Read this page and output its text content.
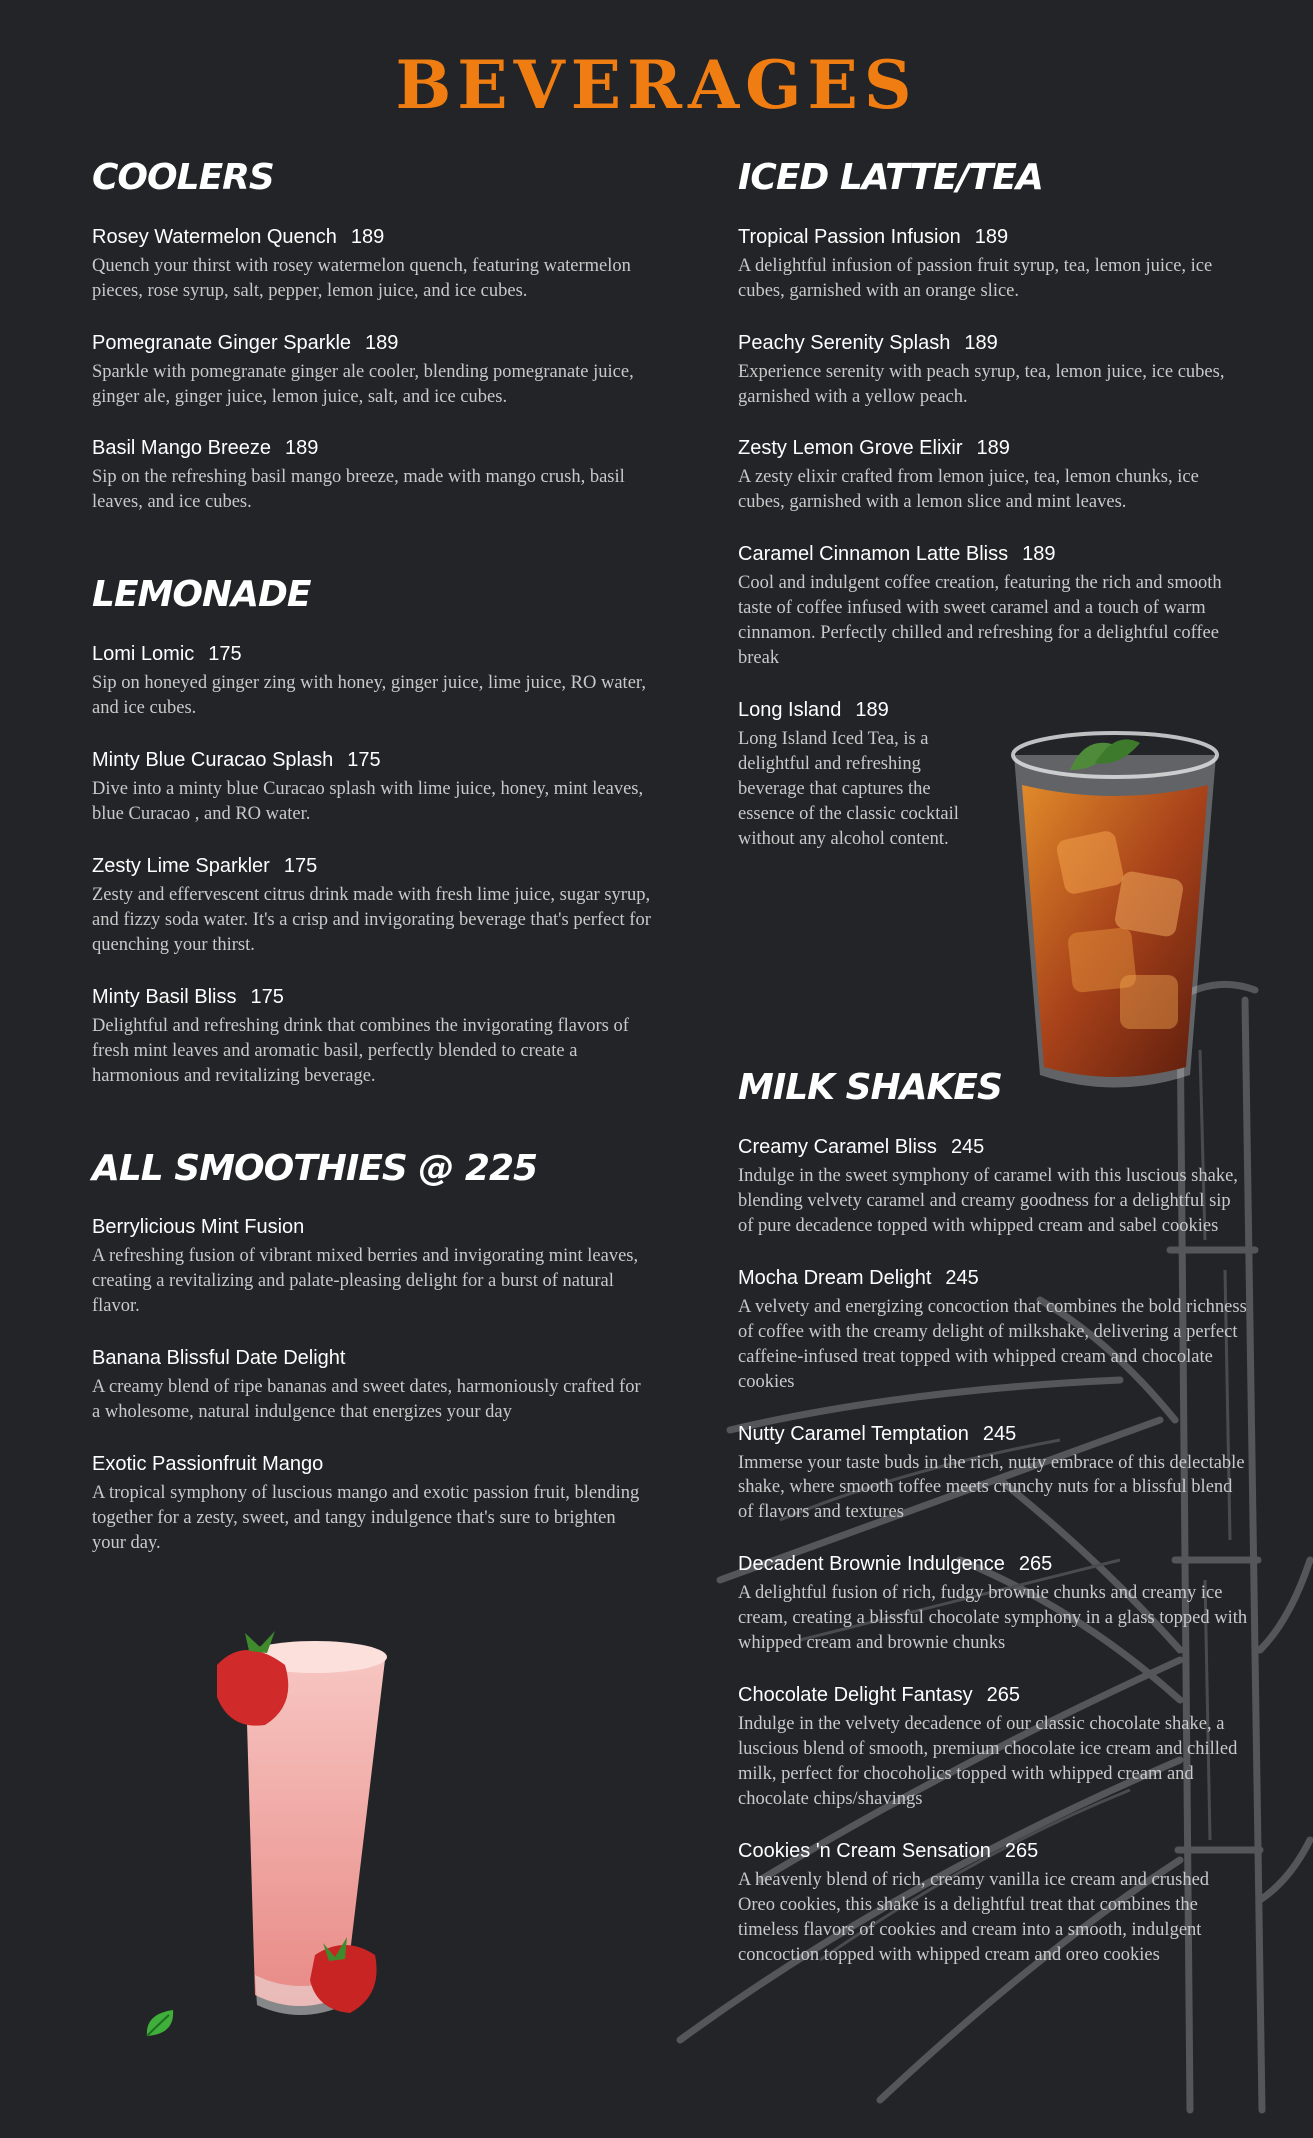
BEVERAGES
COOLERS
Rosey Watermelon Quench 189
Quench your thirst with rosey watermelon quench, featuring watermelon pieces, rose syrup, salt, pepper, lemon juice, and ice cubes.
Pomegranate Ginger Sparkle 189
Sparkle with pomegranate ginger ale cooler, blending pomegranate juice, ginger ale, ginger juice, lemon juice, salt, and ice cubes.
Basil Mango Breeze 189
Sip on the refreshing basil mango breeze, made with mango crush, basil leaves, and ice cubes.
LEMONADE
Lomi Lomic 175
Sip on honeyed ginger zing with honey, ginger juice, lime juice, RO water, and ice cubes.
Minty Blue Curacao Splash 175
Dive into a minty blue Curacao splash with lime juice, honey, mint leaves, blue Curacao , and RO water.
Zesty Lime Sparkler 175
Zesty and effervescent citrus drink made with fresh lime juice, sugar syrup, and fizzy soda water. It's a crisp and invigorating beverage that's perfect for quenching your thirst.
Minty Basil Bliss 175
Delightful and refreshing drink that combines the invigorating flavors of fresh mint leaves and aromatic basil, perfectly blended to create a harmonious and revitalizing beverage.
ALL SMOOTHIES @ 225
Berrylicious Mint Fusion
A refreshing fusion of vibrant mixed berries and invigorating mint leaves, creating a revitalizing and palate-pleasing delight for a burst of natural flavor.
Banana Blissful Date Delight
A creamy blend of ripe bananas and sweet dates, harmoniously crafted for a wholesome, natural indulgence that energizes your day
Exotic Passionfruit Mango
A tropical symphony of luscious mango and exotic passion fruit, blending together for a zesty, sweet, and tangy indulgence that's sure to brighten your day.
ICED LATTE/TEA
Tropical Passion Infusion 189
A delightful infusion of passion fruit syrup, tea, lemon juice, ice cubes, garnished with an orange slice.
Peachy Serenity Splash 189
Experience serenity with peach syrup, tea, lemon juice, ice cubes, garnished with a yellow peach.
Zesty Lemon Grove Elixir 189
A zesty elixir crafted from lemon juice, tea, lemon chunks, ice cubes, garnished with a lemon slice and mint leaves.
Caramel Cinnamon Latte Bliss 189
Cool and indulgent coffee creation, featuring the rich and smooth taste of coffee infused with sweet caramel and a touch of warm cinnamon. Perfectly chilled and refreshing for a delightful coffee break
Long Island 189
Long Island Iced Tea, is a delightful and refreshing beverage that captures the essence of the classic cocktail without any alcohol content.
MILK SHAKES
Creamy Caramel Bliss 245
Indulge in the sweet symphony of caramel with this luscious shake, blending velvety caramel and creamy goodness for a delightful sip of pure decadence topped with whipped cream and sabel cookies
Mocha Dream Delight 245
A velvety and energizing concoction that combines the bold richness of coffee with the creamy delight of milkshake, delivering a perfect caffeine-infused treat topped with whipped cream and chocolate cookies
Nutty Caramel Temptation 245
Immerse your taste buds in the rich, nutty embrace of this delectable shake, where smooth toffee meets crunchy nuts for a blissful blend of flavors and textures
Decadent Brownie Indulgence 265
A delightful fusion of rich, fudgy brownie chunks and creamy ice cream, creating a blissful chocolate symphony in a glass topped with whipped cream and brownie chunks
Chocolate Delight Fantasy 265
Indulge in the velvety decadence of our classic chocolate shake, a luscious blend of smooth, premium chocolate ice cream and chilled milk, perfect for chocoholics topped with whipped cream and chocolate chips/shavings
Cookies 'n Cream Sensation 265
A heavenly blend of rich, creamy vanilla ice cream and crushed Oreo cookies, this shake is a delightful treat that combines the timeless flavors of cookies and cream into a smooth, indulgent concoction topped with whipped cream and oreo cookies
